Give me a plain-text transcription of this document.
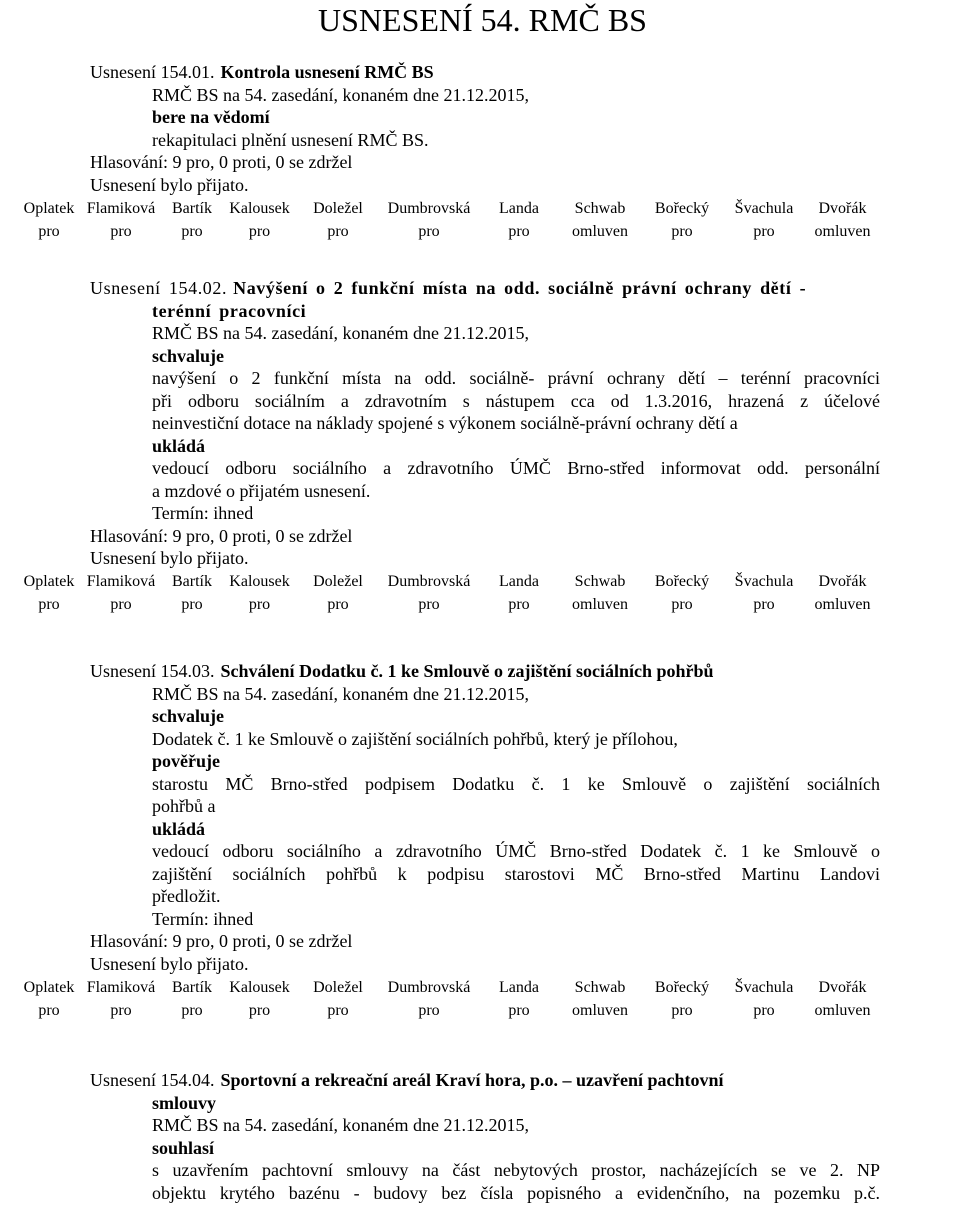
USNESENÍ 54. RMČ BS
Usnesení 154.01. Kontrola usnesení RMČ BS
RMČ BS na 54. zasedání, konaném dne 21.12.2015,
bere na vědomí
rekapitulaci plnění usnesení RMČ BS.
Hlasování: 9 pro, 0 proti, 0 se zdržel
Usnesení bylo přijato.
Oplatek	Flamiková	Bartík	Kalousek	Doležel	Dumbrovská	Landa	Schwab	Bořecký	Švachula	Dvořák
pro	pro	pro	pro	pro	pro	pro	omluven	pro	pro	omluven
Usnesení 154.02. Navýšení o 2 funkční místa na odd. sociálně právní ochrany dětí -
terénní pracovníci
RMČ BS na 54. zasedání, konaném dne 21.12.2015,
schvaluje
navýšení o 2 funkční místa na odd. sociálně- právní ochrany dětí – terénní pracovníci
při odboru sociálním a zdravotním s nástupem cca od 1.3.2016, hrazená z účelové
neinvestiční dotace na náklady spojené s výkonem sociálně-právní ochrany dětí a
ukládá
vedoucí odboru sociálního a zdravotního ÚMČ Brno-střed informovat odd. personální
a mzdové o přijatém usnesení.
Termín: ihned
Hlasování: 9 pro, 0 proti, 0 se zdržel
Usnesení bylo přijato.
Oplatek	Flamiková	Bartík	Kalousek	Doležel	Dumbrovská	Landa	Schwab	Bořecký	Švachula	Dvořák
pro	pro	pro	pro	pro	pro	pro	omluven	pro	pro	omluven
Usnesení 154.03. Schválení Dodatku č. 1 ke Smlouvě o zajištění sociálních pohřbů
RMČ BS na 54. zasedání, konaném dne 21.12.2015,
schvaluje
Dodatek č. 1 ke Smlouvě o zajištění sociálních pohřbů, který je přílohou,
pověřuje
starostu MČ Brno-střed podpisem Dodatku č. 1 ke Smlouvě o zajištění sociálních
pohřbů a
ukládá
vedoucí odboru sociálního a zdravotního ÚMČ Brno-střed Dodatek č. 1 ke Smlouvě o
zajištění sociálních pohřbů k podpisu starostovi MČ Brno-střed Martinu Landovi
předložit.
Termín: ihned
Hlasování: 9 pro, 0 proti, 0 se zdržel
Usnesení bylo přijato.
Oplatek	Flamiková	Bartík	Kalousek	Doležel	Dumbrovská	Landa	Schwab	Bořecký	Švachula	Dvořák
pro	pro	pro	pro	pro	pro	pro	omluven	pro	pro	omluven
Usnesení 154.04. Sportovní a rekreační areál Kraví hora, p.o. – uzavření pachtovní
smlouvy
RMČ BS na 54. zasedání, konaném dne 21.12.2015,
souhlasí
s uzavřením pachtovní smlouvy na část nebytových prostor, nacházejících se ve 2. NP
objektu krytého bazénu - budovy bez čísla popisného a evidenčního, na pozemku p.č.
